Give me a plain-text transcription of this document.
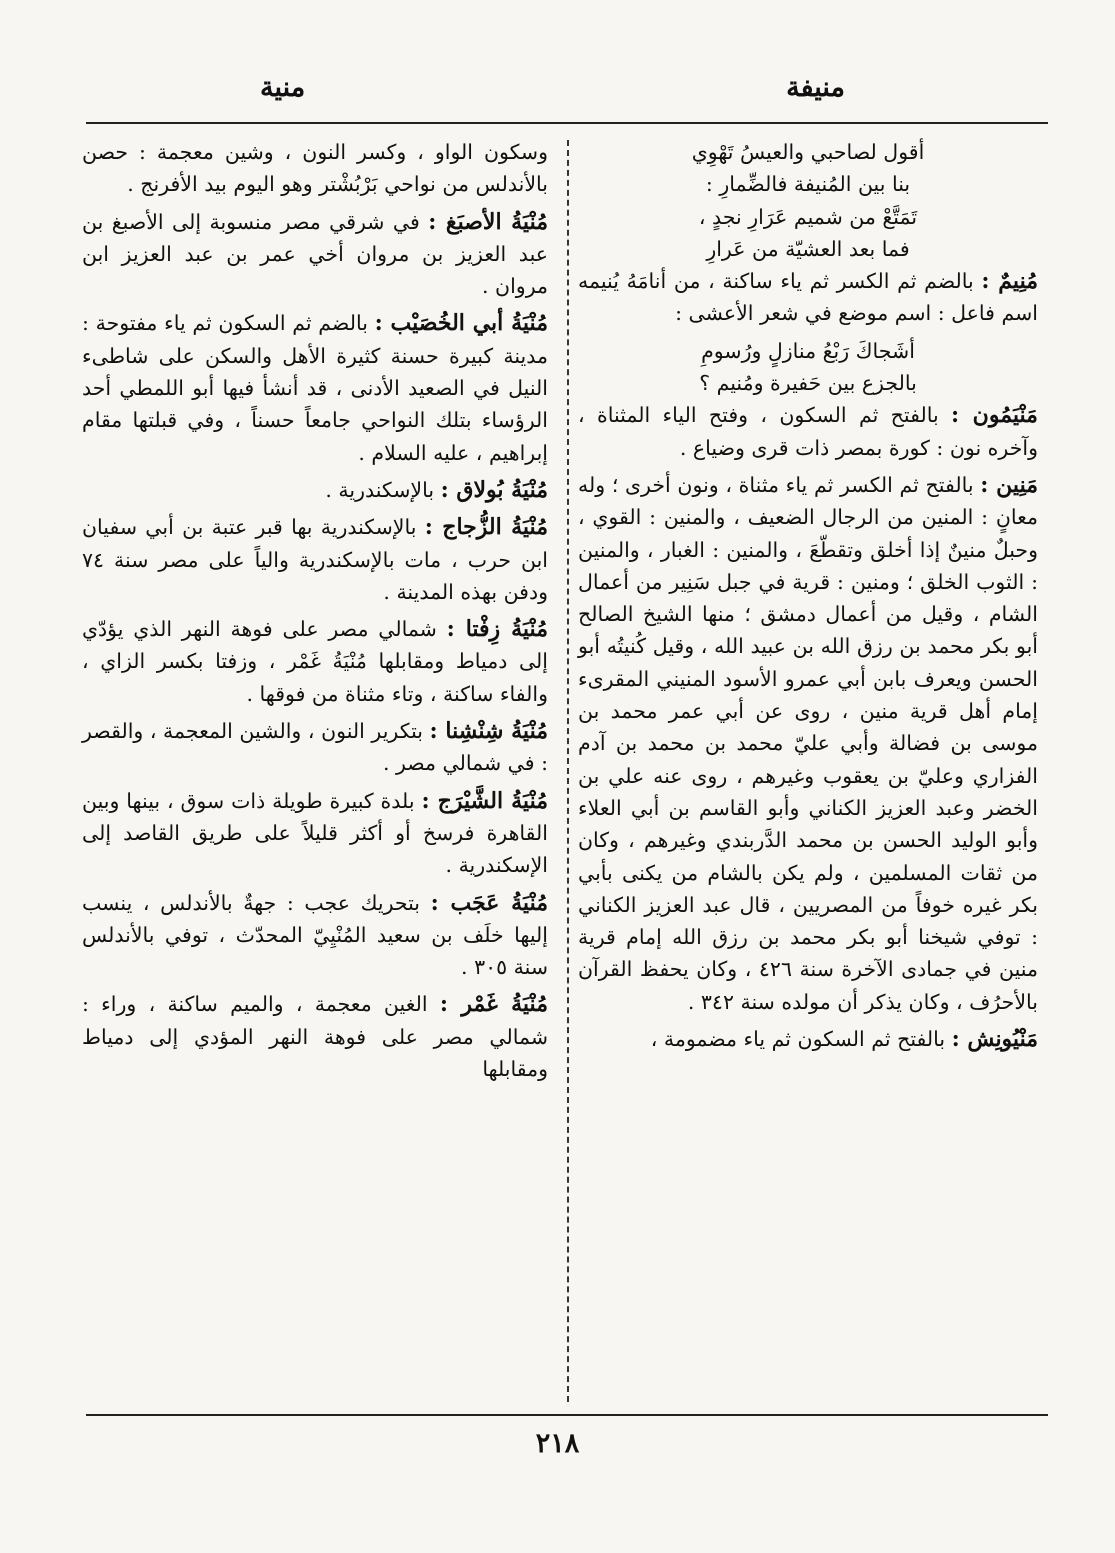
منيفة
منية

أقول لصاحبي والعيسُ تَهْوِي

بنا بين المُنيفة فالضِّمارِ :

تَمَتَّعْ من شميم عَرَارِ نجدٍ ،

فما بعد العشيّة من عَرارِ

مُنِيمٌ : بالضم ثم الكسر ثم ياء ساكنة ، من أنامَهُ يُنيمه اسم فاعل : اسم موضع في شعر الأعشى :

أشَجاكَ رَبْعُ منازلٍ ورُسومِ

بالجزع بين حَفيرة ومُنيم ؟

مَنْيَمُون : بالفتح ثم السكون ، وفتح الياء المثناة ، وآخره نون : كورة بمصر ذات قرى وضياع .

مَنِين : بالفتح ثم الكسر ثم ياء مثناة ، ونون أخرى ؛ وله معانٍ : المنين من الرجال الضعيف ، والمنين : القوي ، وحبلٌ منينٌ إذا أخلق وتقطّعَ ، والمنين : الغبار ، والمنين : الثوب الخلق ؛ ومنين : قرية في جبل سَنِير من أعمال الشام ، وقيل من أعمال دمشق ؛ منها الشيخ الصالح أبو بكر محمد بن رزق الله بن عبيد الله ، وقيل كُنيتُه أبو الحسن ويعرف بابن أبي عمرو الأسود المنيني المقرىء إمام أهل قرية منين ، روى عن أبي عمر محمد بن موسى بن فضالة وأبي عليّ محمد بن محمد بن آدم الفزاري وعليّ بن يعقوب وغيرهم ، روى عنه علي بن الخضر وعبد العزيز الكناني وأبو القاسم بن أبي العلاء وأبو الوليد الحسن بن محمد الدَّربندي وغيرهم ، وكان من ثقات المسلمين ، ولم يكن بالشام من يكنى بأبي بكر غيره خوفاً من المصريين ، قال عبد العزيز الكناني : توفي شيخنا أبو بكر محمد بن رزق الله إمام قرية منين في جمادى الآخرة سنة ٤٢٦ ، وكان يحفظ القرآن بالأحرُف ، وكان يذكر أن مولده سنة ٣٤٢ .

مَنْيُونِش : بالفتح ثم السكون ثم ياء مضمومة ،

وسكون الواو ، وكسر النون ، وشين معجمة : حصن بالأندلس من نواحي بَرْبُشْتر وهو اليوم بيد الأفرنج .

مُنْيَةُ الأصبَغ : في شرقي مصر منسوبة إلى الأصبغ بن عبد العزيز بن مروان أخي عمر بن عبد العزيز ابن مروان .

مُنْيَةُ أبي الخُصَيْب : بالضم ثم السكون ثم ياء مفتوحة : مدينة كبيرة حسنة كثيرة الأهل والسكن على شاطىء النيل في الصعيد الأدنى ، قد أنشأ فيها أبو اللمطي أحد الرؤساء بتلك النواحي جامعاً حسناً ، وفي قبلتها مقام إبراهيم ، عليه السلام .

مُنْيَةُ بُولاق : بالإسكندرية .

مُنْيَةُ الزُّجاج : بالإسكندرية بها قبر عتبة بن أبي سفيان ابن حرب ، مات بالإسكندرية والياً على مصر سنة ٧٤ ودفن بهذه المدينة .

مُنْيَةُ زِفْتا : شمالي مصر على فوهة النهر الذي يؤدّي إلى دمياط ومقابلها مُنْيَةُ غَمْر ، وزفتا بكسر الزاي ، والفاء ساكنة ، وتاء مثناة من فوقها .

مُنْيَةُ شِنْشِنا : بتكرير النون ، والشين المعجمة ، والقصر : في شمالي مصر .

مُنْيَةُ الشَّيْرَج : بلدة كبيرة طويلة ذات سوق ، بينها وبين القاهرة فرسخ أو أكثر قليلاً على طريق القاصد إلى الإسكندرية .

مُنْيَةُ عَجَب : بتحريك عجب : جهةٌ بالأندلس ، ينسب إليها خلَف بن سعيد المُنْيِيّ المحدّث ، توفي بالأندلس سنة ٣٠٥ .

مُنْيَةُ غَمْر : الغين معجمة ، والميم ساكنة ، وراء : شمالي مصر على فوهة النهر المؤدي إلى دمياط ومقابلها

٢١٨
